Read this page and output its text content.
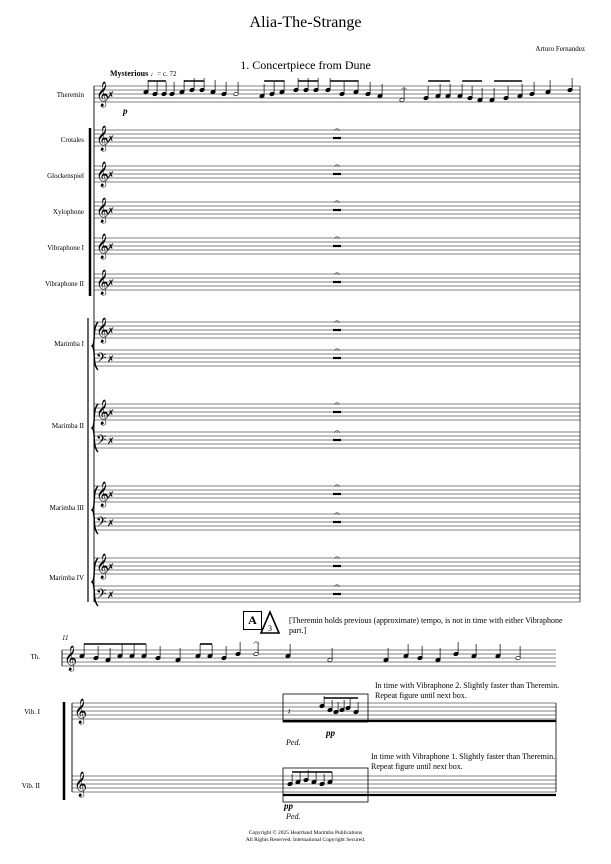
Alia-The-Strange
Arturo Fernandez
1. Concertpiece from Dune
Mysterious ♩= c. 72
Theremin
Crotales
Glockenspiel
Xylophone
Vibraphone I
Vibraphone II
Marimba I
Marimba II
Marimba III
Marimba IV
p
11
A	[Theremin holds previous (approximate) tempo, is not in time with either Vibraphone part.]
Th.
Vib. I
Vib. II
In time with Vibraphone 2. Slightly faster than Theremin. Repeat figure until next box.
In time with Vibraphone 1. Slightly faster than Theremin. Repeat figure until next box.
pp
pp
Ped.
Ped.
Copyright © 2025 Heartland Marimba Publications
All Rights Reserved. International Copyright Secured.
𝄞
✗
𝄞
✗
𝄐
𝄞
✗
𝄐
𝄞
✗
𝄐
𝄞
✗
𝄐
𝄞
✗
𝄐
𝄞
✗
𝄐
𝄢 ✗
𝄐
𝄞
✗
𝄐
𝄢 ✗
𝄐
𝄞
✗
𝄐
𝄢 ✗
𝄐
𝄞
✗
𝄐
𝄢 ✗
𝄐
𝄐
𝄞
𝄞
𝄞
𝄐
𝄽
3
